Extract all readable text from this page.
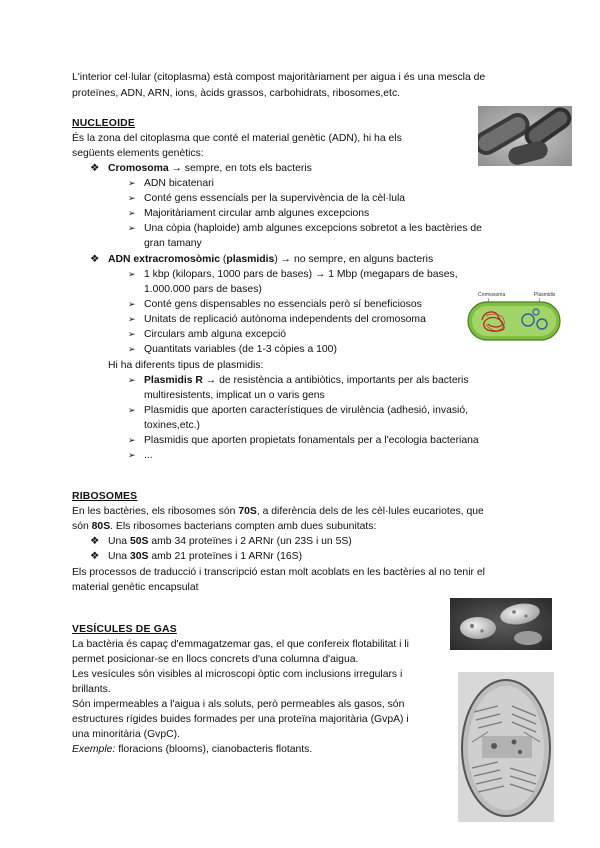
L'interior cel·lular (citoplasma) està compost majoritàriament per aigua i és una mescla de

proteïnes, ADN, ARN, ions, àcids grassos, carbohidrats, ribosomes,etc.

NUCLEOIDE

És la zona del citoplasma que conté el material genètic (ADN), hi ha els

següents elements genètics:

❖ Cromosoma → sempre, en tots els bacteris
➢ ADN bicatenari
➢ Conté gens essencials per la supervivència de la cèl·lula
➢ Majoritàriament circular amb algunes excepcions
➢ Una còpia (haploide) amb algunes excepcions sobretot a les bactèries de
gran tamany
❖ ADN extracromosòmic (plasmidis) → no sempre, en alguns bacteris
➢ 1 kbp (kilopars, 1000 pars de bases) → 1 Mbp (megapars de bases,
1.000.000 pars de bases)
➢ Conté gens dispensables no essencials però sí beneficiosos
➢ Unitats de replicació autònoma independents del cromosoma
➢ Circulars amb alguna excepció
➢ Quantitats variables (de 1-3 còpies a 100)

Hi ha diferents tipus de plasmidis:

➢ Plasmidis R → de resistència a antibiòtics, importants per als bacteris
multiresistents, implicat un o varis gens
➢ Plasmidis que aporten característiques de virulència (adhesió, invasió,
toxines,etc.)
➢ Plasmidis que aporten propietats fonamentals per a l'ecologia bacteriana
➢ ...
Cromosoma	Plasmidis

RIBOSOMES

En les bactèries, els ribosomes són 70S, a diferència dels de les cèl·lules eucariotes, que

són 80S. Els ribosomes bacterians compten amb dues subunitats:

❖ Una 50S amb 34 proteïnes i 2 ARNr (un 23S i un 5S)
❖ Una 30S amb 21 proteïnes i 1 ARNr (16S)

Els processos de traducció i transcripció estan molt acoblats en les bactèries al no tenir el

material genètic encapsulat

VESÍCULES DE GAS

La bactèria és capaç d'emmagatzemar gas, el que confereix flotabilitat i li

permet posicionar-se en llocs concrets d'una columna d'aigua.

Les vesícules són visibles al microscopi òptic com inclusions irregulars i

brillants.

Són impermeables a l'aigua i als soluts, però permeables als gasos, són

estructures rígides buides formades per una proteïna majoritària (GvpA) i

una minoritària (GvpC).

Exemple: floracions (blooms), cianobacteris flotants.
